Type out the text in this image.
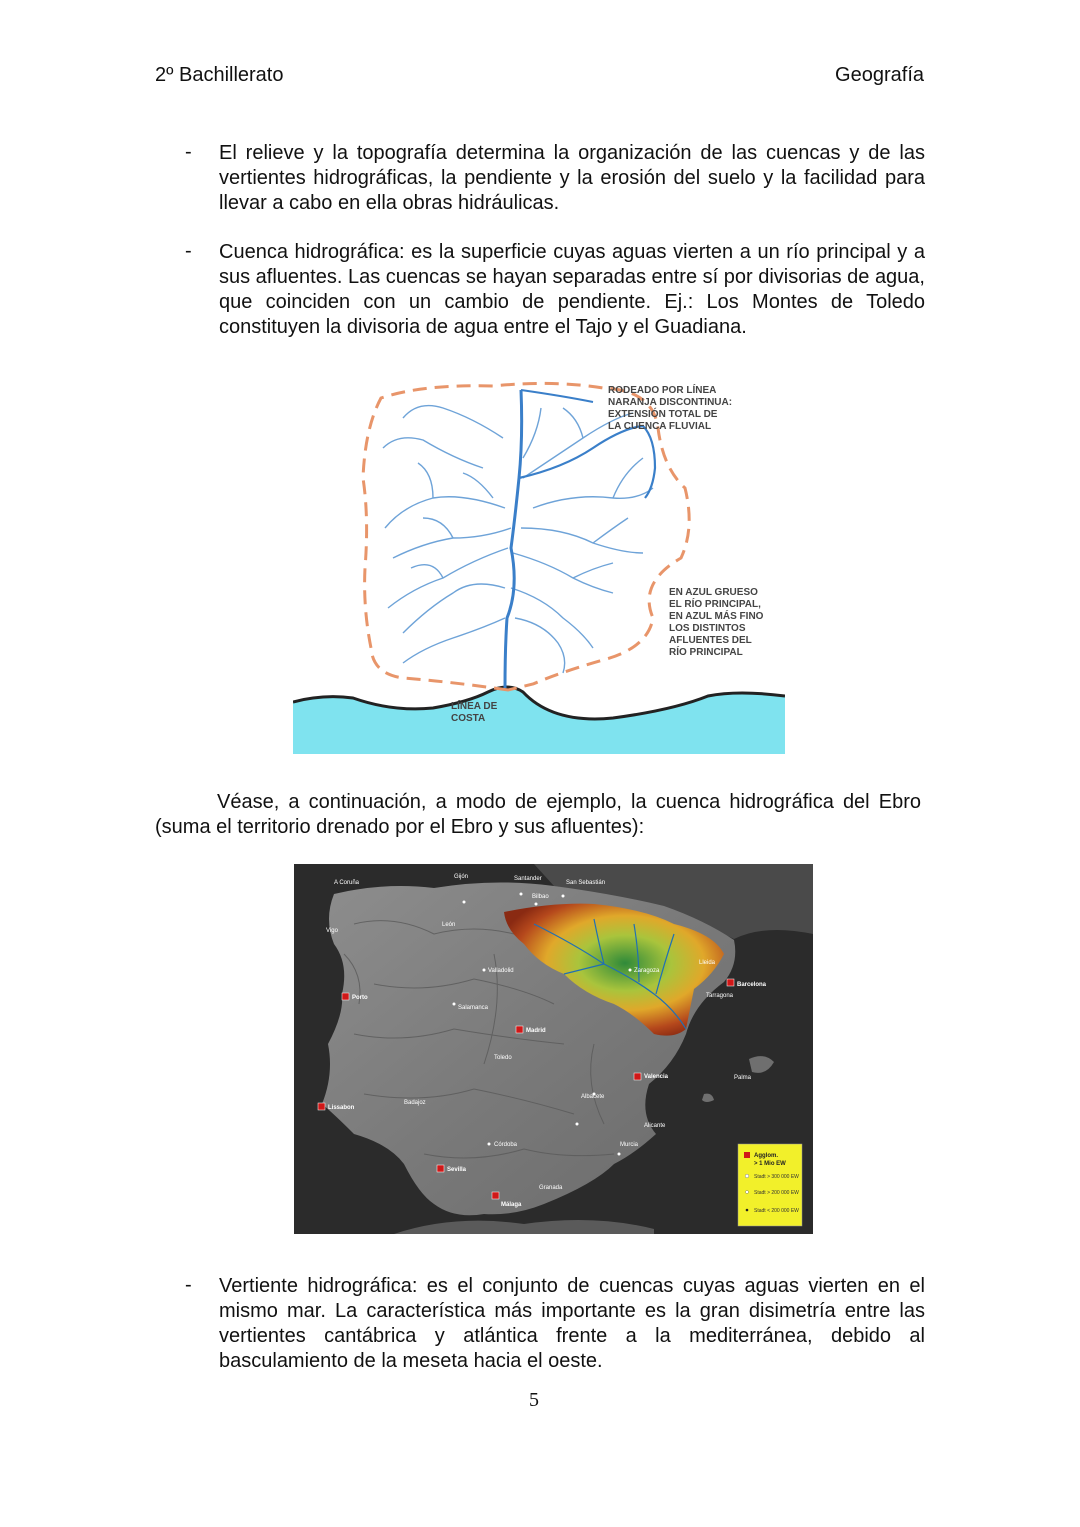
2º Bachillerato	Geografía
- El relieve y la topografía determina la organización de las cuencas y de las vertientes hidrográficas, la pendiente y la erosión del suelo y la facilidad para llevar a cabo en ella obras hidráulicas.

- Cuenca hidrográfica: es la superficie cuyas aguas vierten a un río principal y a sus afluentes. Las cuencas se hayan separadas entre sí por divisorias de agua, que coinciden con un cambio de pendiente. Ej.: Los Montes de Toledo constituyen la divisoria de agua entre el Tajo y el Guadiana.

RODEADO POR LÍNEA NARANJA DISCONTINUA: EXTENSIÓN TOTAL DE LA CUENCA FLUVIAL
EN AZUL GRUESO EL RÍO PRINCIPAL, EN AZUL MÁS FINO LOS DISTINTOS AFLUENTES DEL RÍO PRINCIPAL
LÍNEA DE COSTA

Véase, a continuación, a modo de ejemplo, la cuenca hidrográfica del Ebro (suma el territorio drenado por el Ebro y sus afluentes):

Porto
Madrid
Lissabon
Sevilla
Málaga
Valencia
Barcelona
A Coruña
Gijón	Santander
San Sebastián
Bilbao
Vigo
León
Valladolid
Salamanca
Zaragoza
Lleida
Tarragona
Palma
Alicante
Murcia
Córdoba
Albacete
Badajoz
Toledo
Granada
Agglom.
> 1 Mio EW
Stadt > 300 000 EW
Stadt > 200 000 EW
Stadt < 200 000 EW
- Vertiente hidrográfica: es el conjunto de cuencas cuyas aguas vierten en el mismo mar. La característica más importante es la gran disimetría entre las vertientes cantábrica y atlántica frente a la mediterránea, debido al basculamiento de la meseta hacia el oeste.

5
